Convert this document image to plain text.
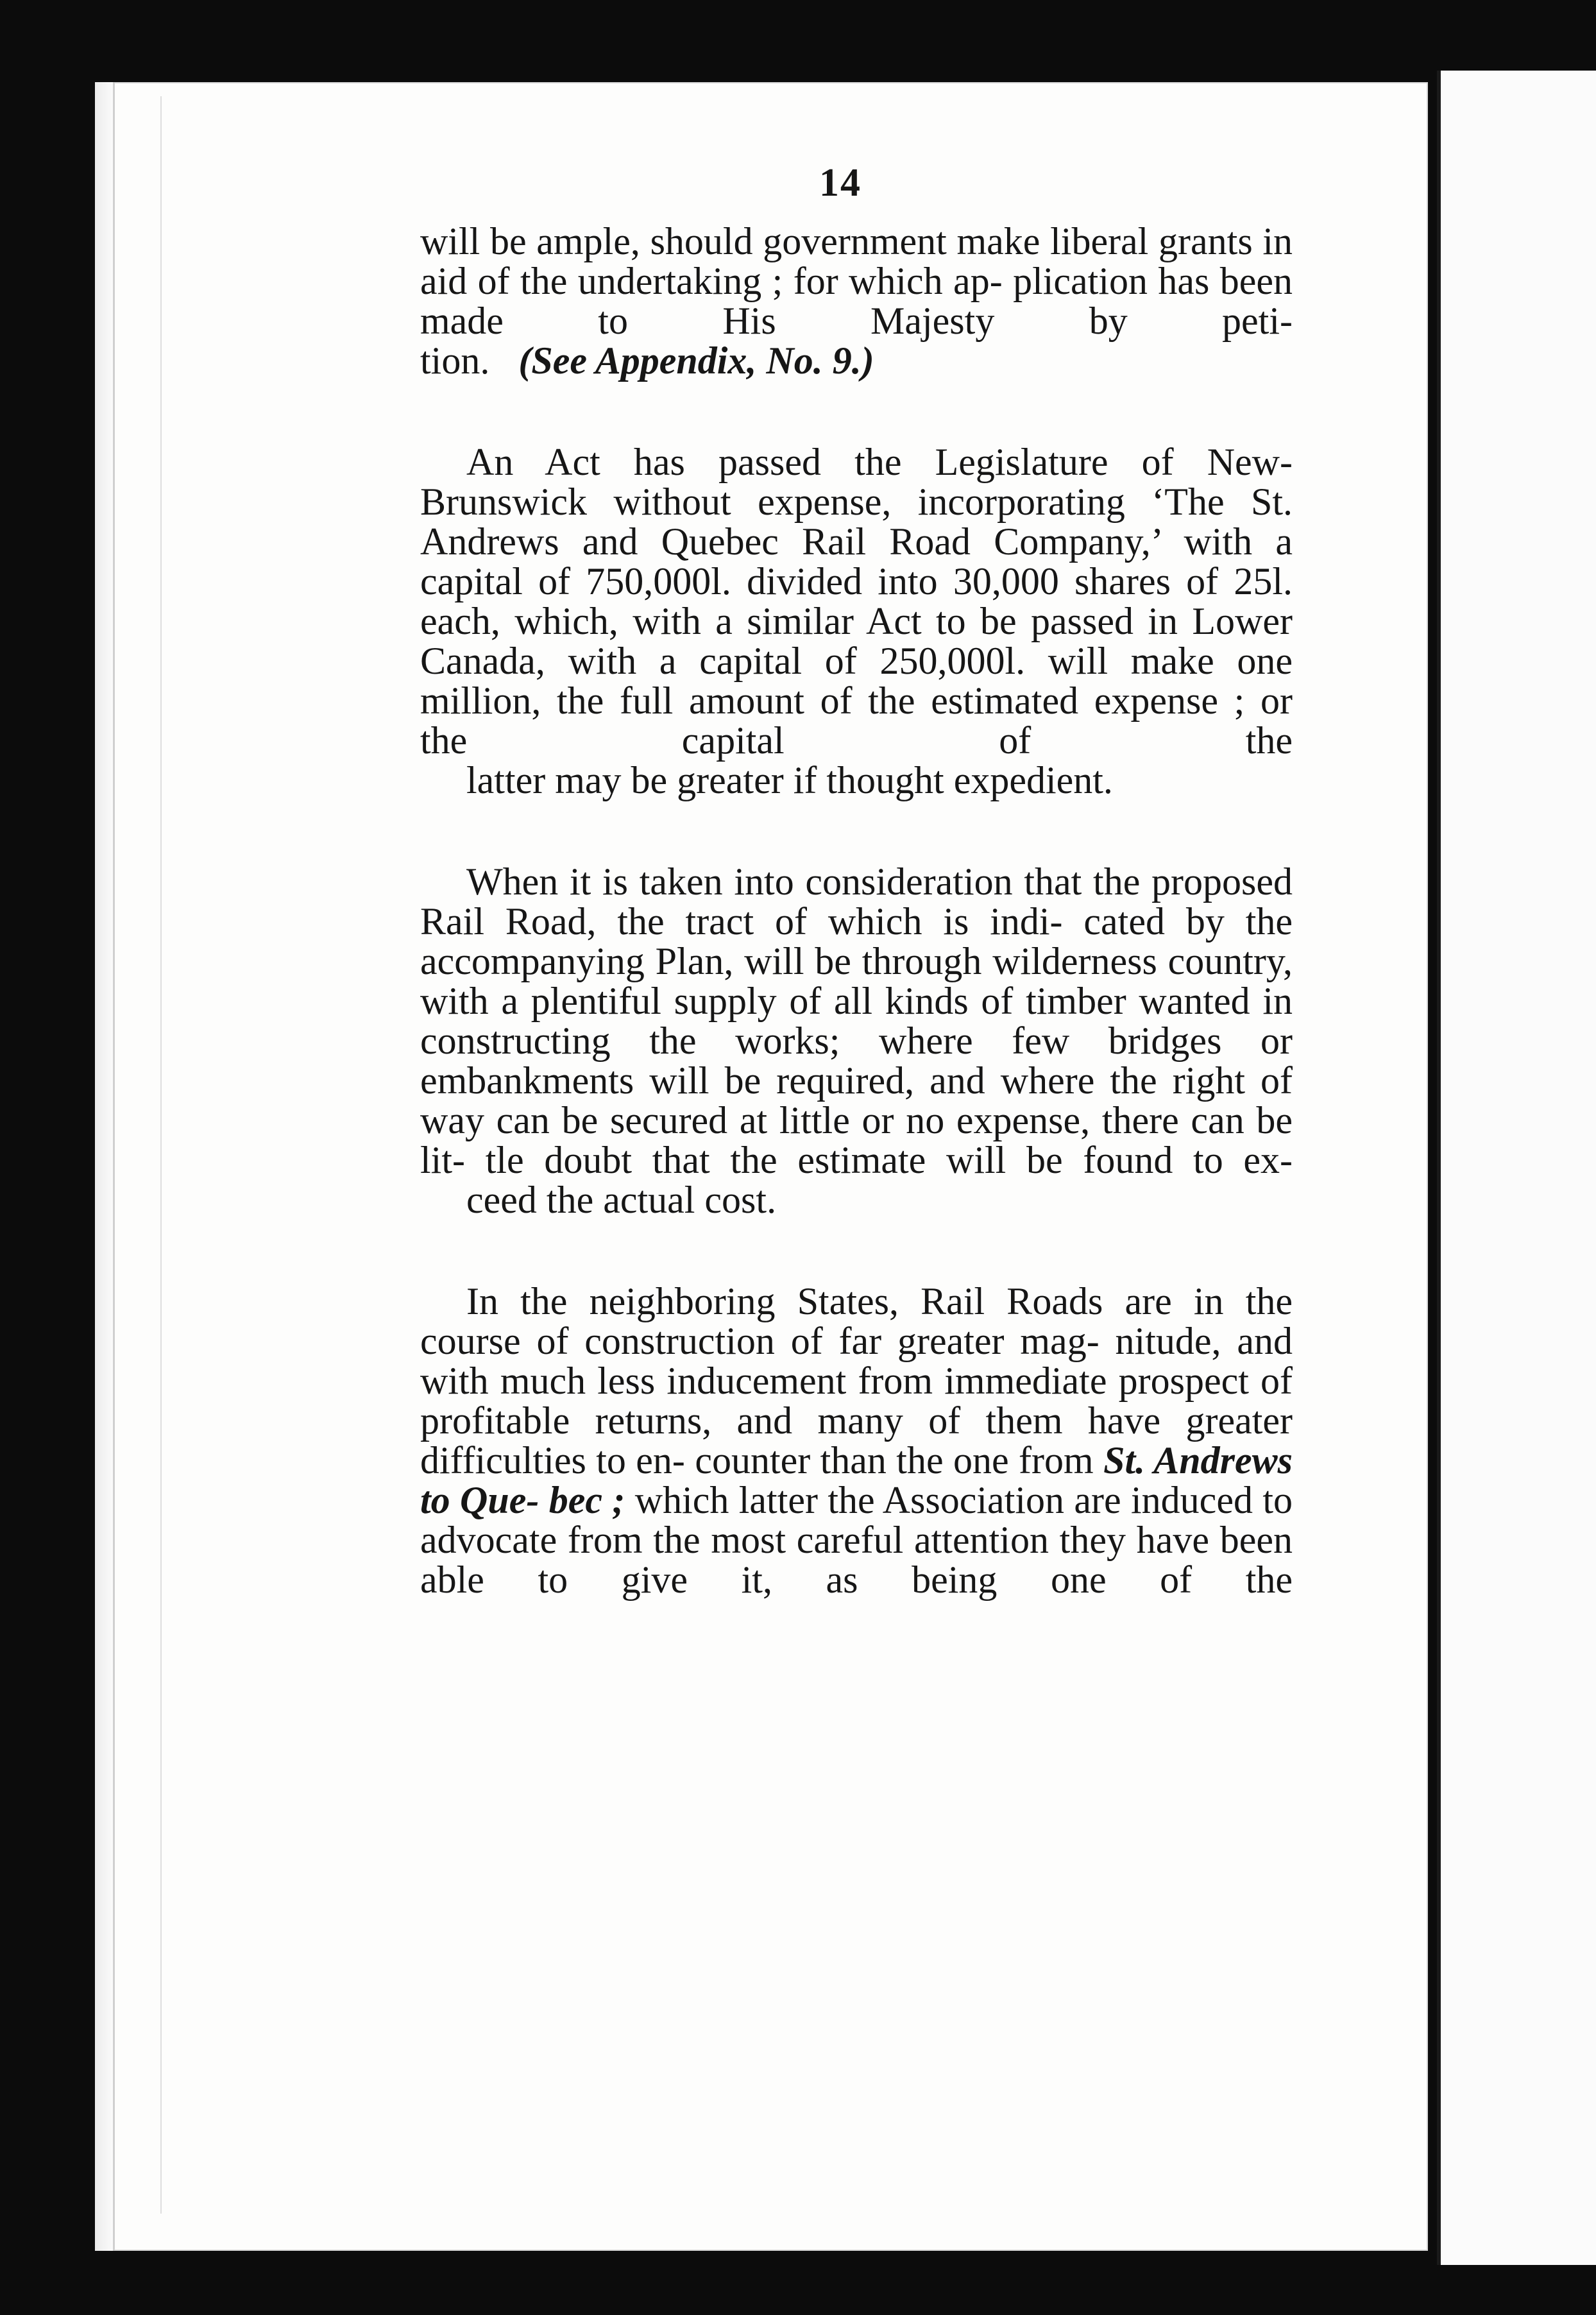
14

will be ample, should government make liberal grants in aid of the undertaking ; for which ap- plication has been made to His Majesty by peti-
tion. (See Appendix, No. 9.)

An Act has passed the Legislature of New- Brunswick without expense, incorporating ‘The St. Andrews and Quebec Rail Road Company,’ with a capital of 750,000l. divided into 30,000 shares of 25l. each, which, with a similar Act to be passed in Lower Canada, with a capital of 250,000l. will make one million, the full amount of the estimated expense ; or the capital of the
latter may be greater if thought expedient.

When it is taken into consideration that the proposed Rail Road, the tract of which is indi- cated by the accompanying Plan, will be through wilderness country, with a plentiful supply of all kinds of timber wanted in constructing the works; where few bridges or embankments will be required, and where the right of way can be secured at little or no expense, there can be lit- tle doubt that the estimate will be found to ex-
ceed the actual cost.

In the neighboring States, Rail Roads are in the course of construction of far greater mag- nitude, and with much less inducement from immediate prospect of profitable returns, and many of them have greater difficulties to en- counter than the one from St. Andrews to Que- bec ; which latter the Association are induced to advocate from the most careful attention they have been able to give it, as being one of the
